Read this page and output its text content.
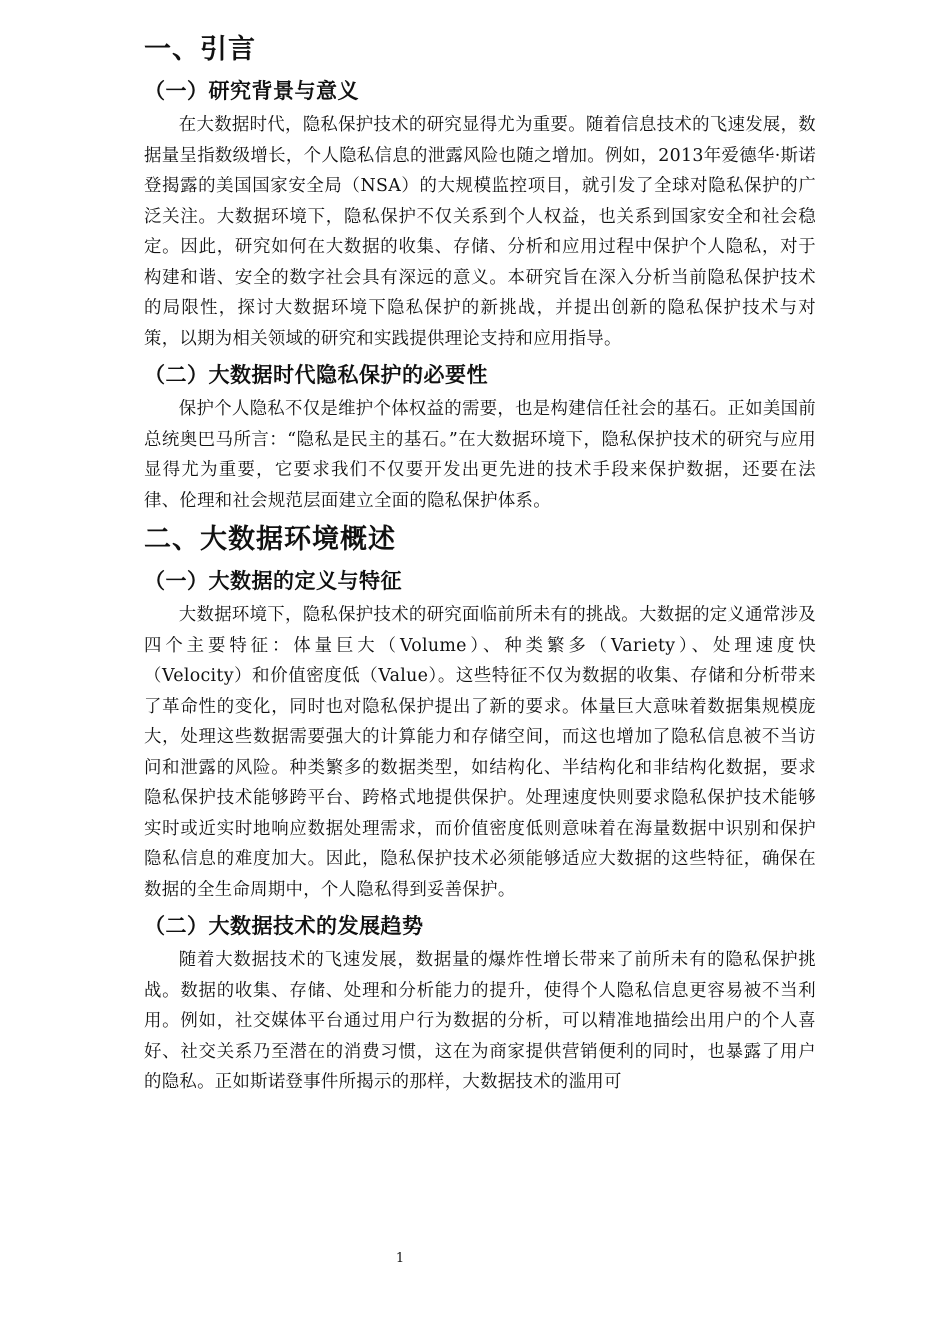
一、引言
（一）研究背景与意义

在大数据时代，隐私保护技术的研究显得尤为重要。随着信息技术的飞速发展，数据量呈指数级增长，个人隐私信息的泄露风险也随之增加。例如，2013年爱德华·斯诺登揭露的美国国家安全局（NSA）的大规模监控项目，就引发了全球对隐私保护的广泛关注。大数据环境下，隐私保护不仅关系到个人权益，也关系到国家安全和社会稳定。因此，研究如何在大数据的收集、存储、分析和应用过程中保护个人隐私，对于构建和谐、安全的数字社会具有深远的意义。本研究旨在深入分析当前隐私保护技术的局限性，探讨大数据环境下隐私保护的新挑战，并提出创新的隐私保护技术与对策，以期为相关领域的研究和实践提供理论支持和应用指导。

（二）大数据时代隐私保护的必要性

保护个人隐私不仅是维护个体权益的需要，也是构建信任社会的基石。正如美国前总统奥巴马所言：“隐私是民主的基石。”在大数据环境下，隐私保护技术的研究与应用显得尤为重要，它要求我们不仅要开发出更先进的技术手段来保护数据，还要在法律、伦理和社会规范层面建立全面的隐私保护体系。

二、大数据环境概述
（一）大数据的定义与特征

大数据环境下，隐私保护技术的研究面临前所未有的挑战。大数据的定义通常涉及四个主要特征：体量巨大（Volume）、种类繁多（Variety）、处理速度快（Velocity）和价值密度低（Value）。这些特征不仅为数据的收集、存储和分析带来了革命性的变化，同时也对隐私保护提出了新的要求。体量巨大意味着数据集规模庞大，处理这些数据需要强大的计算能力和存储空间，而这也增加了隐私信息被不当访问和泄露的风险。种类繁多的数据类型，如结构化、半结构化和非结构化数据，要求隐私保护技术能够跨平台、跨格式地提供保护。处理速度快则要求隐私保护技术能够实时或近实时地响应数据处理需求，而价值密度低则意味着在海量数据中识别和保护隐私信息的难度加大。因此，隐私保护技术必须能够适应大数据的这些特征，确保在数据的全生命周期中，个人隐私得到妥善保护。

（二）大数据技术的发展趋势

随着大数据技术的飞速发展，数据量的爆炸性增长带来了前所未有的隐私保护挑战。数据的收集、存储、处理和分析能力的提升，使得个人隐私信息更容易被不当利用。例如，社交媒体平台通过用户行为数据的分析，可以精准地描绘出用户的个人喜好、社交关系乃至潜在的消费习惯，这在为商家提供营销便利的同时，也暴露了用户的隐私。正如斯诺登事件所揭示的那样，大数据技术的滥用可

1
